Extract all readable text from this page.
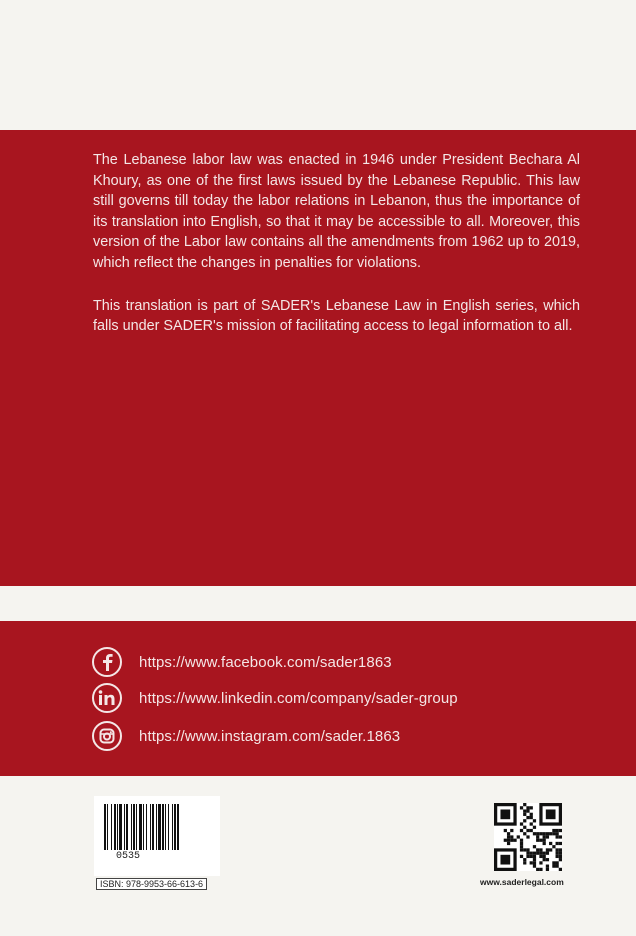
The Lebanese labor law was enacted in 1946 under President Bechara Al Khoury, as one of the first laws issued by the Lebanese Republic. This law still governs till today the labor relations in Lebanon, thus the importance of its translation into English, so that it may be accessible to all. Moreover, this version of the Labor law contains all the amendments from 1962 up to 2019, which reflect the changes in penalties for violations.

This translation is part of SADER's Lebanese Law in English series, which falls under SADER's mission of facilitating access to legal information to all.

https://www.facebook.com/sader1863
https://www.linkedin.com/company/sader-group
https://www.instagram.com/sader.1863
0535
ISBN: 978-9953-66-613-6	www.saderlegal.com
